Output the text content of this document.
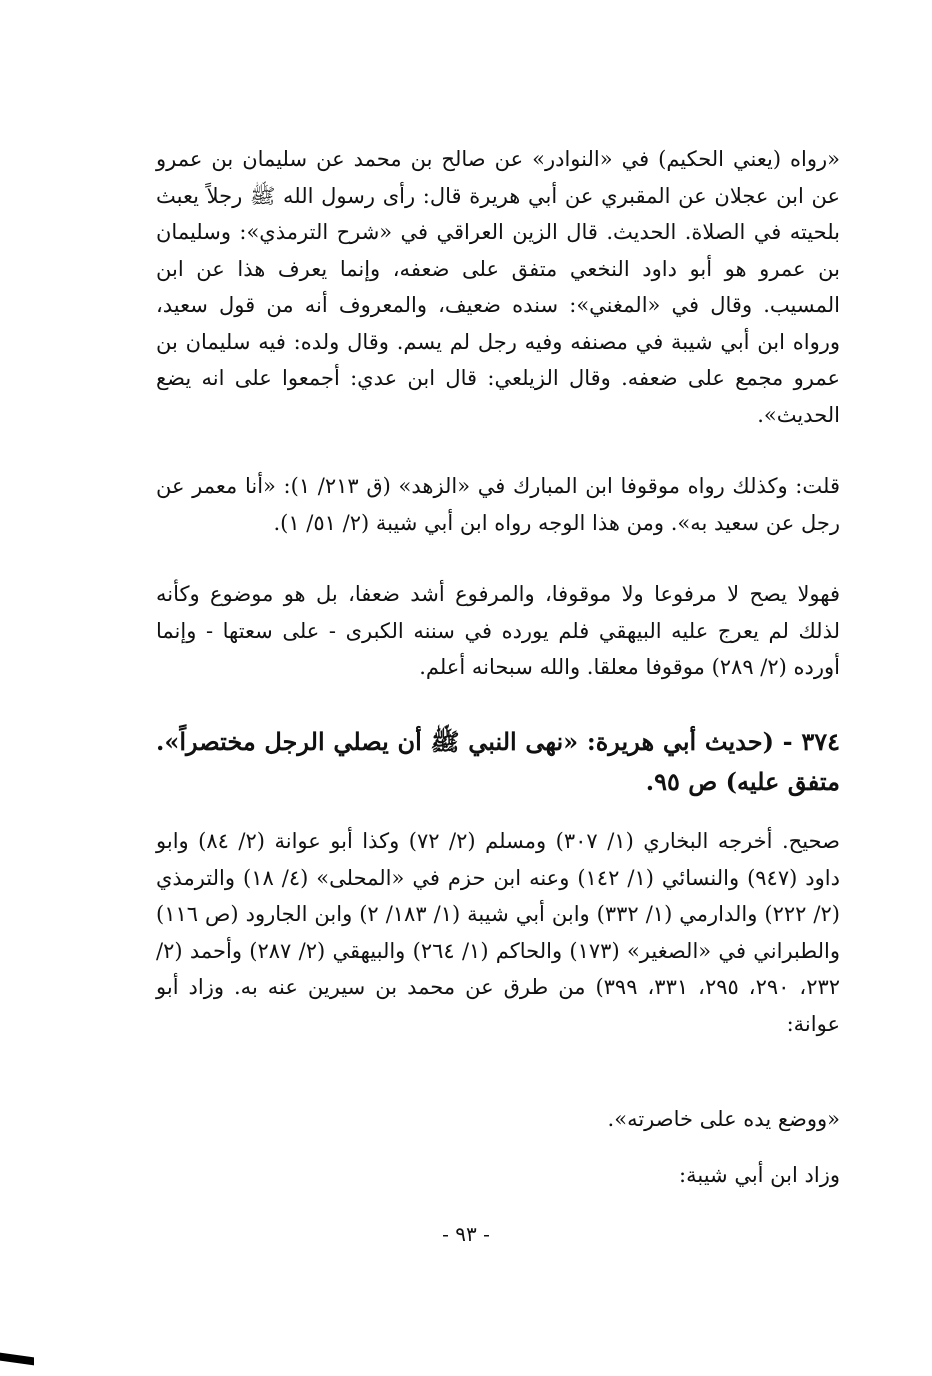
«رواه (يعني الحكيم) في «النوادر» عن صالح بن محمد عن سليمان بن عمرو عن ابن عجلان عن المقبري عن أبي هريرة قال: رأى رسول الله ﷺ رجلاً يعبث بلحيته في الصلاة. الحديث. قال الزين العراقي في «شرح الترمذي»: وسليمان بن عمرو هو أبو داود النخعي متفق على ضعفه، وإنما يعرف هذا عن ابن المسيب. وقال في «المغني»: سنده ضعيف، والمعروف أنه من قول سعيد، ورواه ابن أبي شيبة في مصنفه وفيه رجل لم يسم. وقال ولده: فيه سليمان بن عمرو مجمع على ضعفه. وقال الزيلعي: قال ابن عدي: أجمعوا على انه يضع الحديث».

قلت: وكذلك رواه موقوفا ابن المبارك في «الزهد» (ق ٢١٣/ ١): «أنا معمر عن رجل عن سعيد به». ومن هذا الوجه رواه ابن أبي شيبة (٢/ ٥١/ ١).

فهولا يصح لا مرفوعا ولا موقوفا، والمرفوع أشد ضعفا، بل هو موضوع وكأنه لذلك لم يعرج عليه البيهقي فلم يورده في سننه الكبرى - على سعتها - وإنما أورده (٢/ ٢٨٩) موقوفا معلقا. والله سبحانه أعلم.

٣٧٤ - (حديث أبي هريرة: «نهى النبي ﷺ أن يصلي الرجل مختصراً». متفق عليه) ص ٩٥.

صحيح. أخرجه البخاري (١/ ٣٠٧) ومسلم (٢/ ٧٢) وكذا أبو عوانة (٢/ ٨٤) وابو داود (٩٤٧) والنسائي (١/ ١٤٢) وعنه ابن حزم في «المحلى» (٤/ ١٨) والترمذي (٢/ ٢٢٢) والدارمي (١/ ٣٣٢) وابن أبي شيبة (١/ ١٨٣/ ٢) وابن الجارود (ص ١١٦) والطبراني في «الصغير» (١٧٣) والحاكم (١/ ٢٦٤) والبيهقي (٢/ ٢٨٧) وأحمد (٢/ ٢٣٢، ٢٩٠، ٢٩٥، ٣٣١، ٣٩٩) من طرق عن محمد بن سيرين عنه به. وزاد أبو عوانة:

«ووضع يده على خاصرته».

وزاد ابن أبي شيبة:

- ٩٣ -
